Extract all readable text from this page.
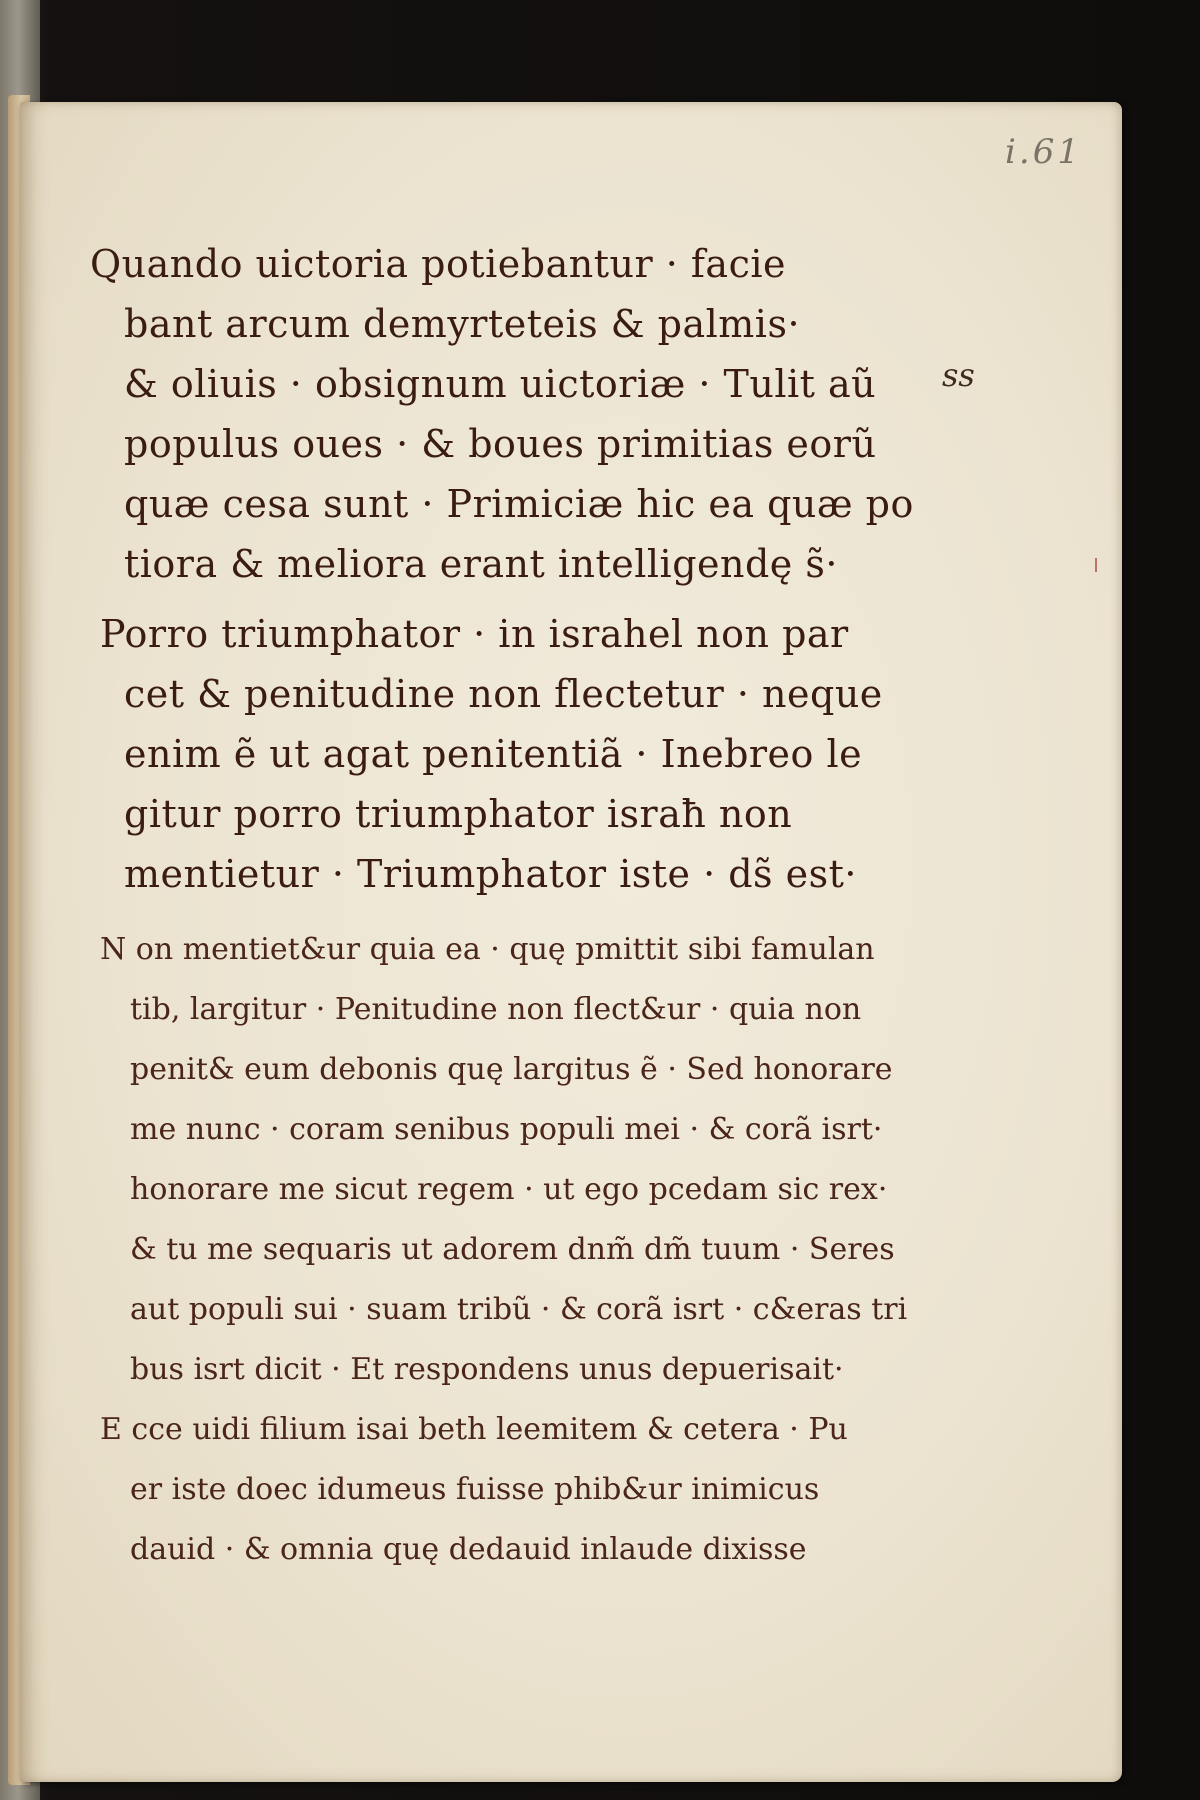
i.61
ss
Quando uictoria potiebantur · facie
bant arcum demyrteteis & palmis·
& oliuis · obsignum uictoriæ · Tulit aũ
populus oues · & boues primitias eorũ
quæ cesa sunt · Primiciæ hic ea quæ po
tiora & meliora erant intelligendę s̃·
Porro triumphator · in israhel non par
cet & penitudine non flectetur · neque
enim ẽ ut agat penitentiã · Inebreo le
gitur porro triumphator israħ non
mentietur · Triumphator iste · ds̃ est·
N on mentiet&ur quia ea · quę pmittit sibi famulan
tib, largitur · Penitudine non flect&ur · quia non
penit& eum debonis quę largitus ẽ · Sed honorare
me nunc · coram senibus populi mei · & corã isrt·
honorare me sicut regem · ut ego pcedam sic rex·
& tu me sequaris ut adorem dnm̃ dm̃ tuum · Seres
aut populi sui · suam tribũ · & corã isrt · c&eras tri
bus isrt dicit · Et respondens unus depuerisait·
E cce uidi filium isai beth leemitem & cetera · Pu
er iste doec idumeus fuisse phib&ur inimicus
dauid · & omnia quę dedauid inlaude dixisse
